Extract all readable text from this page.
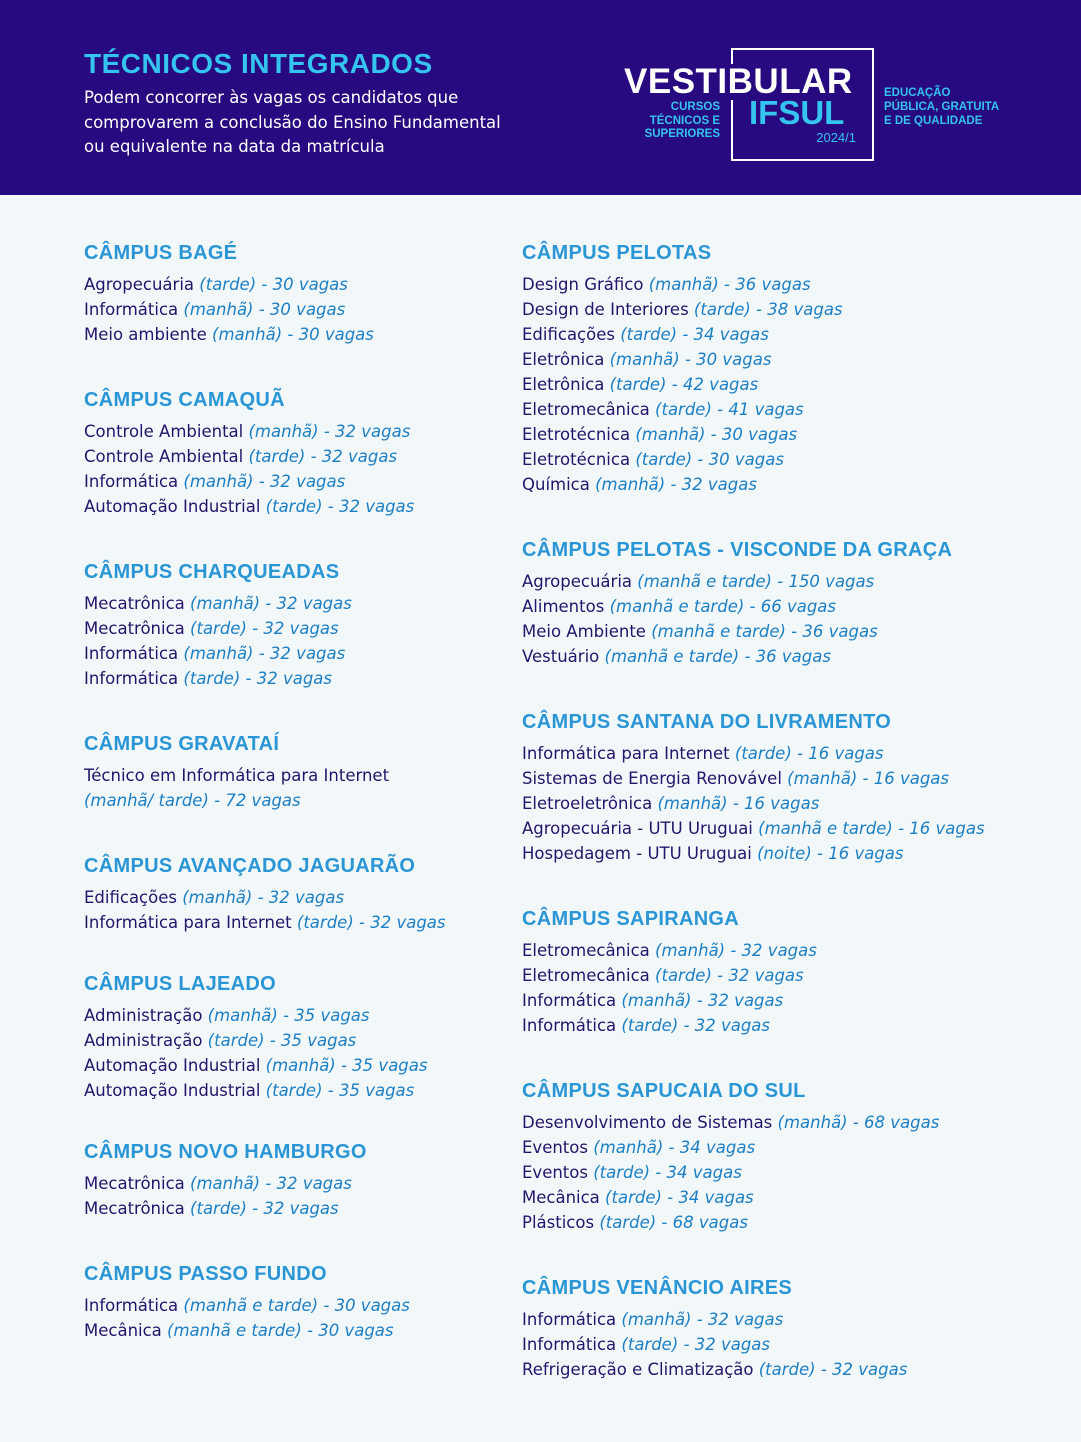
TÉCNICOS INTEGRADOS
Podem concorrer às vagas os candidatos que comprovarem a conclusão do Ensino Fundamental ou equivalente na data da matrícula
VESTIBULAR
CURSOS TÉCNICOS E SUPERIORES
IFSUL
2024/1
EDUCAÇÃO PÚBLICA, GRATUITA E DE QUALIDADE
CÂMPUS BAGÉ
Agropecuária (tarde) - 30 vagas
Informática (manhã) - 30 vagas
Meio ambiente (manhã) - 30 vagas
CÂMPUS CAMAQUÃ
Controle Ambiental (manhã) - 32 vagas
Controle Ambiental (tarde) - 32 vagas
Informática (manhã) - 32 vagas
Automação Industrial (tarde) - 32 vagas
CÂMPUS CHARQUEADAS
Mecatrônica (manhã) - 32 vagas
Mecatrônica (tarde) - 32 vagas
Informática (manhã) - 32 vagas
Informática (tarde) - 32 vagas
CÂMPUS GRAVATAÍ
Técnico em Informática para Internet (manhã/ tarde) - 72 vagas
CÂMPUS AVANÇADO JAGUARÃO
Edificações (manhã) - 32 vagas
Informática para Internet (tarde) - 32 vagas
CÂMPUS LAJEADO
Administração (manhã) - 35 vagas
Administração (tarde) - 35 vagas
Automação Industrial (manhã) - 35 vagas
Automação Industrial (tarde) - 35 vagas
CÂMPUS NOVO HAMBURGO
Mecatrônica (manhã) - 32 vagas
Mecatrônica (tarde) - 32 vagas
CÂMPUS PASSO FUNDO
Informática (manhã e tarde) - 30 vagas
Mecânica (manhã e tarde) - 30 vagas
CÂMPUS PELOTAS
Design Gráfico (manhã) - 36 vagas
Design de Interiores (tarde) - 38 vagas
Edificações (tarde) - 34 vagas
Eletrônica (manhã) - 30 vagas
Eletrônica (tarde) - 42 vagas
Eletromecânica (tarde) - 41 vagas
Eletrotécnica (manhã) - 30 vagas
Eletrotécnica (tarde) - 30 vagas
Química (manhã) - 32 vagas
CÂMPUS PELOTAS - VISCONDE DA GRAÇA
Agropecuária (manhã e tarde) - 150 vagas
Alimentos (manhã e tarde) - 66 vagas
Meio Ambiente (manhã e tarde) - 36 vagas
Vestuário (manhã e tarde) - 36 vagas
CÂMPUS SANTANA DO LIVRAMENTO
Informática para Internet (tarde) - 16 vagas
Sistemas de Energia Renovável (manhã) - 16 vagas
Eletroeletrônica (manhã) - 16 vagas
Agropecuária - UTU Uruguai (manhã e tarde) - 16 vagas
Hospedagem - UTU Uruguai (noite) - 16 vagas
CÂMPUS SAPIRANGA
Eletromecânica (manhã) - 32 vagas
Eletromecânica (tarde) - 32 vagas
Informática (manhã) - 32 vagas
Informática (tarde) - 32 vagas
CÂMPUS SAPUCAIA DO SUL
Desenvolvimento de Sistemas (manhã) - 68 vagas
Eventos (manhã) - 34 vagas
Eventos (tarde) - 34 vagas
Mecânica (tarde) - 34 vagas
Plásticos (tarde) - 68 vagas
CÂMPUS VENÂNCIO AIRES
Informática (manhã) - 32 vagas
Informática (tarde) - 32 vagas
Refrigeração e Climatização (tarde) - 32 vagas
